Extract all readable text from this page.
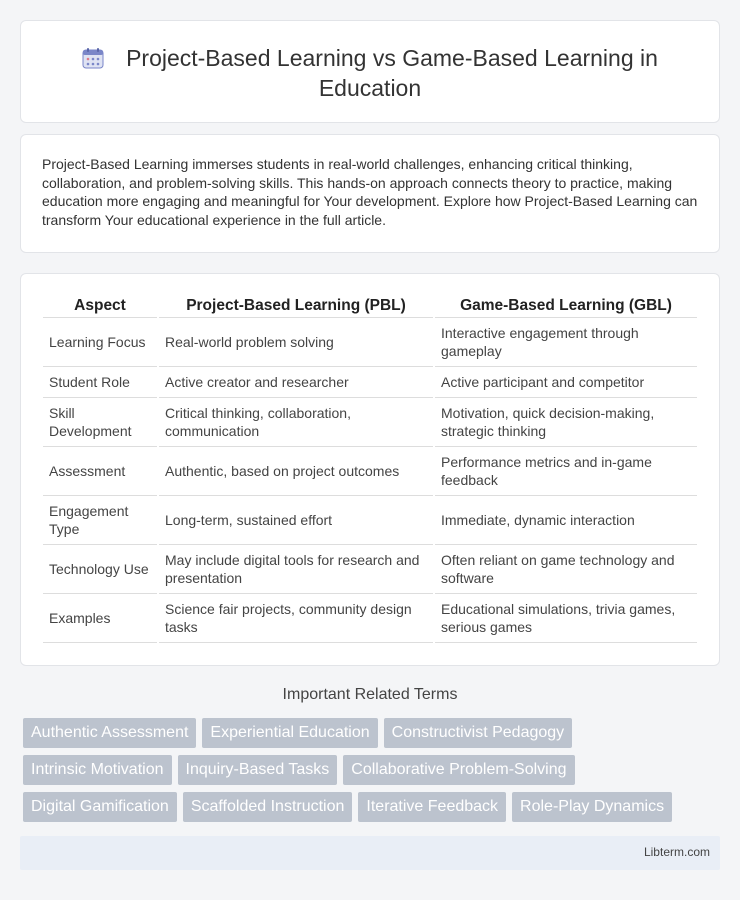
Project-Based Learning vs Game-Based Learning in Education

Project-Based Learning immerses students in real-world challenges, enhancing critical thinking, collaboration, and problem-solving skills. This hands-on approach connects theory to practice, making education more engaging and meaningful for Your development. Explore how Project-Based Learning can transform Your educational experience in the full article.

Aspect	Project-Based Learning (PBL)	Game-Based Learning (GBL)
Learning Focus	Real-world problem solving	Interactive engagement through gameplay
Student Role	Active creator and researcher	Active participant and competitor
Skill Development	Critical thinking, collaboration, communication	Motivation, quick decision-making, strategic thinking
Assessment	Authentic, based on project outcomes	Performance metrics and in-game feedback
Engagement Type	Long-term, sustained effort	Immediate, dynamic interaction
Technology Use	May include digital tools for research and presentation	Often reliant on game technology and software
Examples	Science fair projects, community design tasks	Educational simulations, trivia games, serious games
Important Related Terms
Authentic Assessment	Experiential Education	Constructivist Pedagogy
Intrinsic Motivation	Inquiry-Based Tasks	Collaborative Problem-Solving
Digital Gamification	Scaffolded Instruction	Iterative Feedback	Role-Play Dynamics
Libterm.com
